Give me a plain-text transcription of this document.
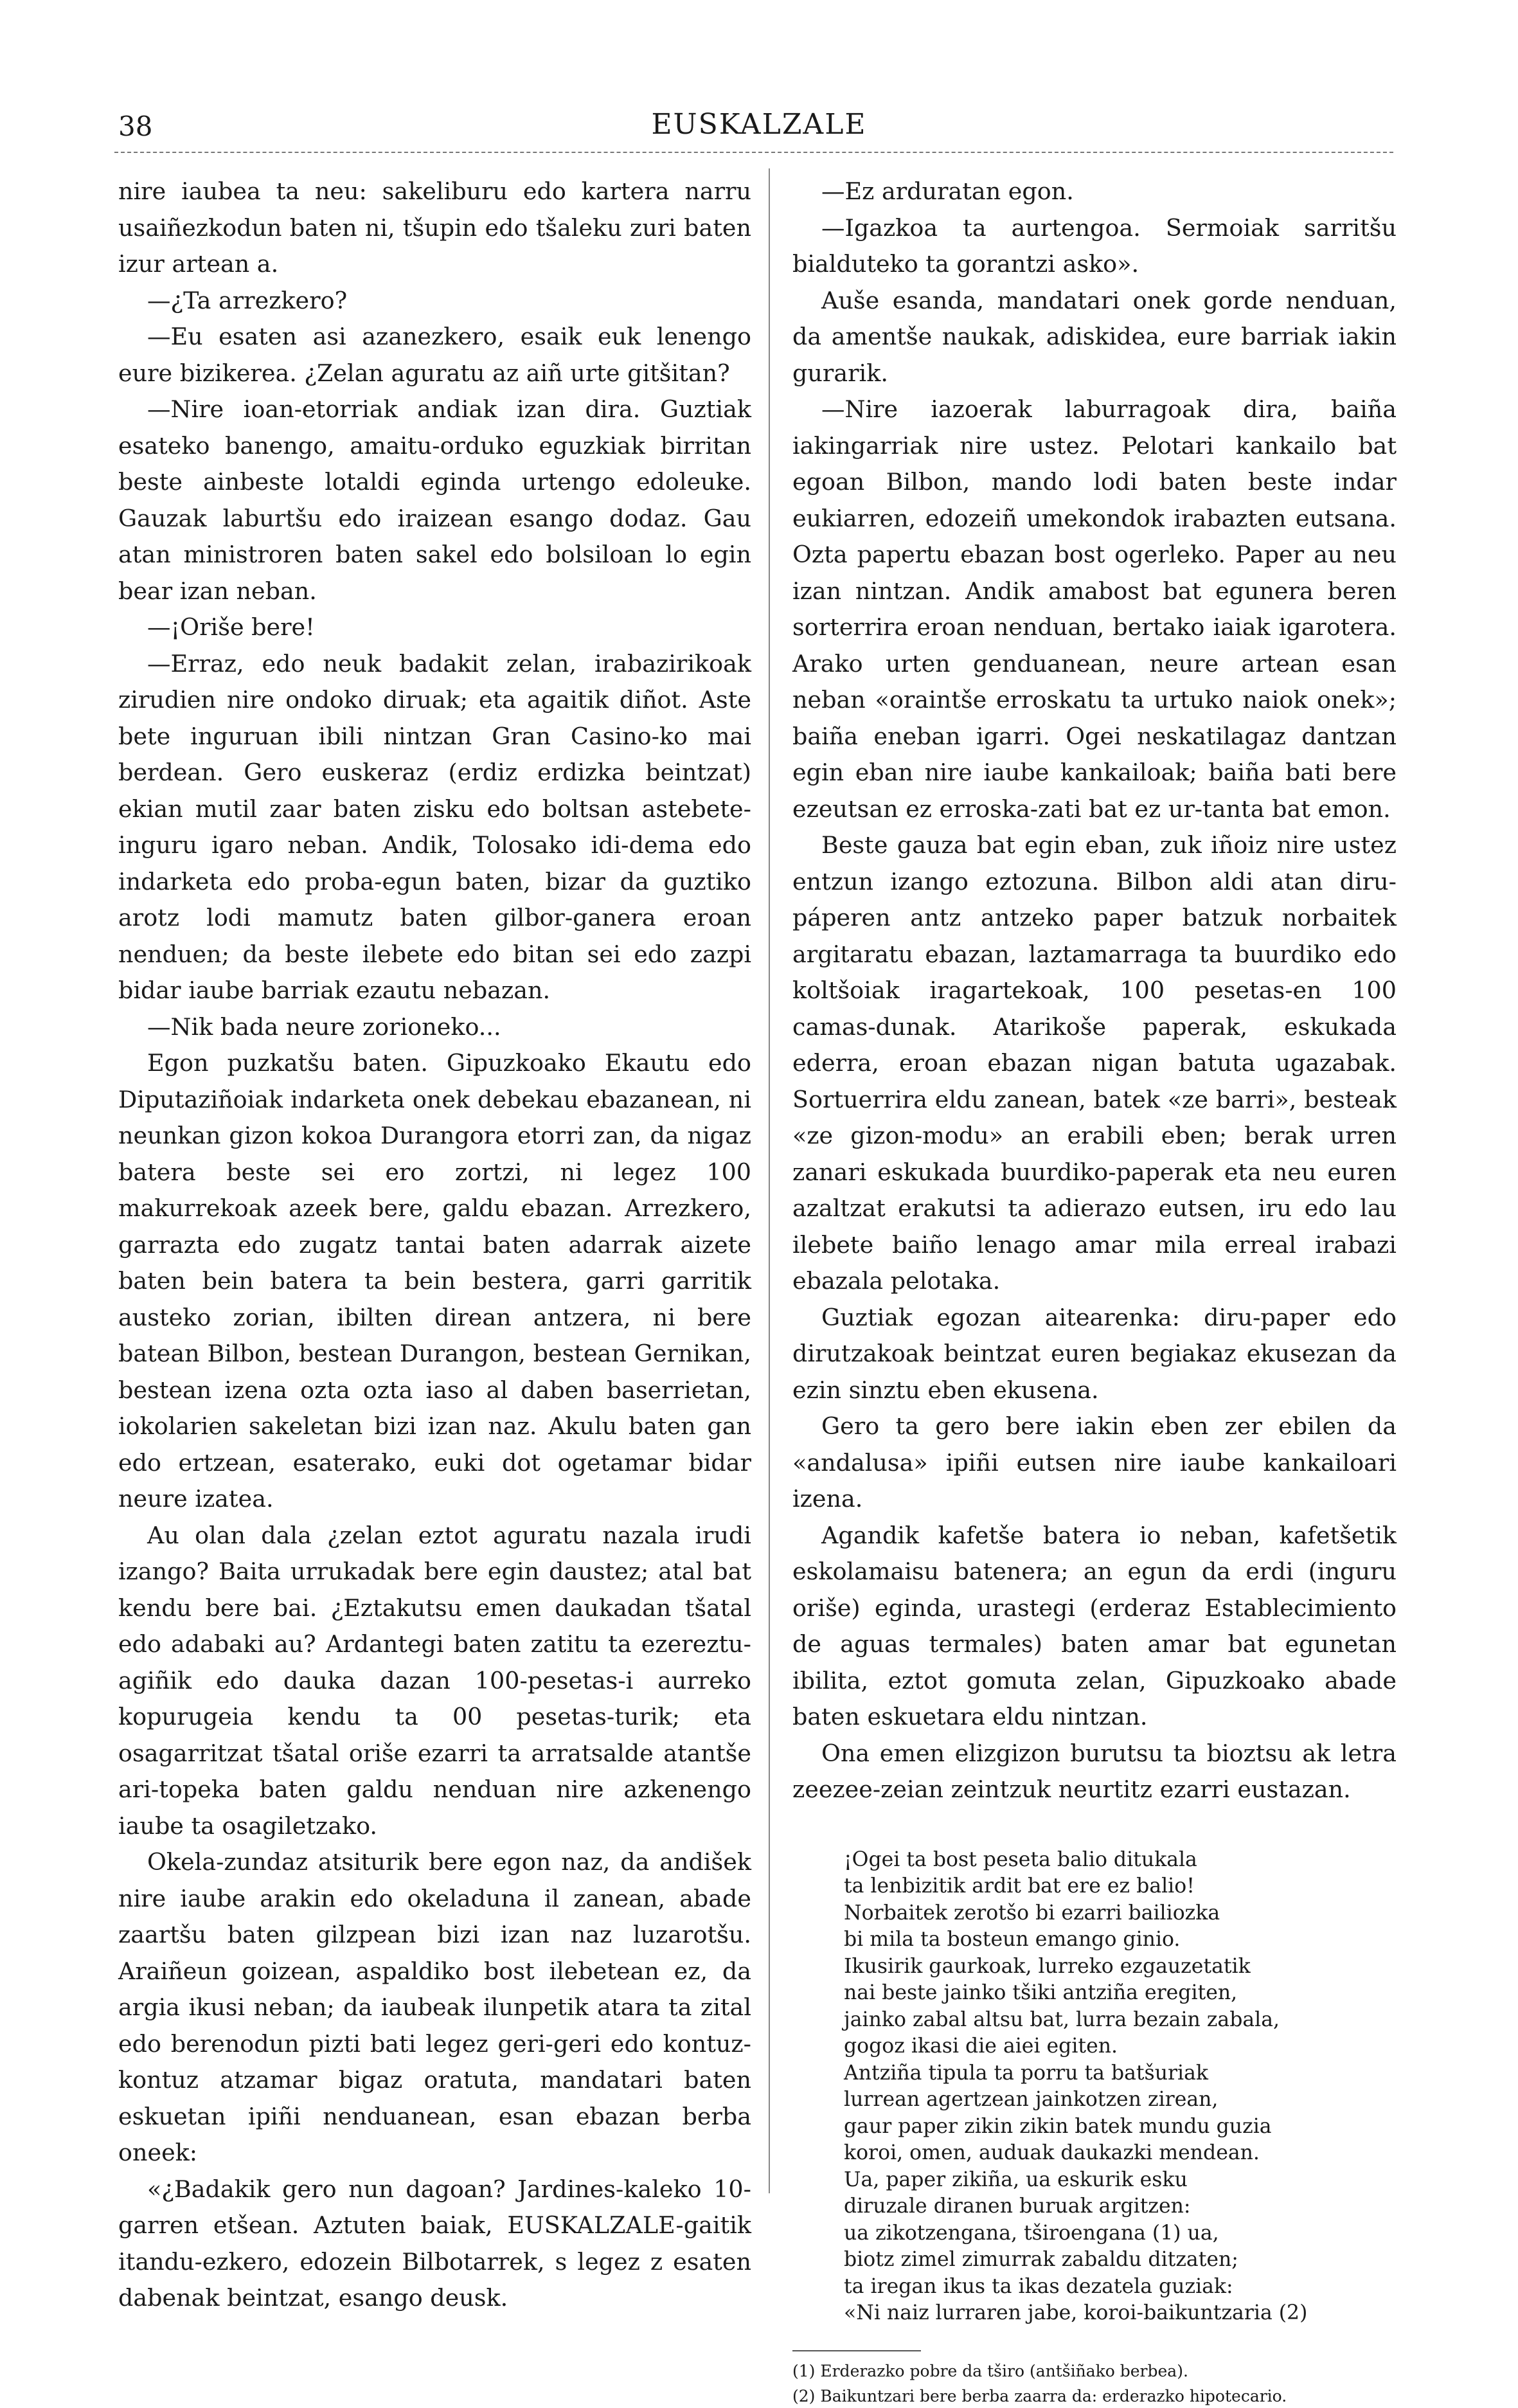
38	EUSKALZALE

nire iaubea ta neu: sakeliburu edo kartera narru usaiñezkodun baten ni, tšupin edo tšaleku zuri baten izur artean a.

—¿Ta arrezkero?

—Eu esaten asi azanezkero, esaik euk lenengo eure bizikerea. ¿Zelan aguratu az aiñ urte gitšitan?

—Nire ioan-etorriak andiak izan dira. Guztiak esateko banengo, amaitu-orduko eguzkiak birritan beste ainbeste lotaldi eginda urtengo edoleuke. Gauzak laburtšu edo iraizean esango dodaz. Gau atan ministroren baten sakel edo bolsiloan lo egin bear izan neban.

—¡Oriše bere!

—Erraz, edo neuk badakit zelan, irabazirikoak zirudien nire ondoko diruak; eta agaitik diñot. Aste bete inguruan ibili nintzan Gran Casino-ko mai berdean. Gero euskeraz (erdiz erdizka beintzat) ekian mutil zaar baten zisku edo boltsan astebete-inguru igaro neban. Andik, Tolosako idi-dema edo indarketa edo proba-egun baten, bizar da guztiko arotz lodi mamutz baten gilbor-ganera eroan nenduen; da beste ilebete edo bitan sei edo zazpi bidar iaube barriak ezautu nebazan.

—Nik bada neure zorioneko...

Egon puzkatšu baten. Gipuzkoako Ekautu edo Diputaziñoiak indarketa onek debekau ebazanean, ni neunkan gizon kokoa Durangora etorri zan, da nigaz batera beste sei ero zortzi, ni legez 100 makurrekoak azeek bere, galdu ebazan. Arrezkero, garrazta edo zugatz tantai baten adarrak aizete baten bein batera ta bein bestera, garri garritik austeko zorian, ibilten direan antzera, ni bere batean Bilbon, bestean Durangon, bestean Gernikan, bestean izena ozta ozta iaso al daben baserrietan, iokolarien sakeletan bizi izan naz. Akulu baten gan edo ertzean, esaterako, euki dot ogetamar bidar neure izatea.

Au olan dala ¿zelan eztot aguratu nazala irudi izango? Baita urrukadak bere egin daustez; atal bat kendu bere bai. ¿Eztakutsu emen daukadan tšatal edo adabaki au? Ardantegi baten zatitu ta ezereztu-agiñik edo dauka dazan 100-pesetas-i aurreko kopurugeia kendu ta 00 pesetas-turik; eta osagarritzat tšatal oriše ezarri ta arratsalde atantše ari-topeka baten galdu nenduan nire azkenengo iaube ta osagiletzako.

Okela-zundaz atsiturik bere egon naz, da andišek nire iaube arakin edo okeladuna il zanean, abade zaartšu baten gilzpean bizi izan naz luzarotšu. Araiñeun goizean, aspaldiko bost ilebetean ez, da argia ikusi neban; da iaubeak ilunpetik atara ta zital edo berenodun pizti bati legez geri-geri edo kontuz-kontuz atzamar bigaz oratuta, mandatari baten eskuetan ipiñi nenduanean, esan ebazan berba oneek:

«¿Badakik gero nun dagoan? Jardines-kaleko 10-garren etšean. Aztuten baiak, EUSKALZALE-gaitik itandu-ezkero, edozein Bilbotarrek, s legez z esaten dabenak beintzat, esango deusk.

—Ez arduratan egon.

—Igazkoa ta aurtengoa. Sermoiak sarritšu bialduteko ta gorantzi asko».

Auše esanda, mandatari onek gorde nenduan, da amentše naukak, adiskidea, eure barriak iakin gurarik.

—Nire iazoerak laburragoak dira, baiña iakingarriak nire ustez. Pelotari kankailo bat egoan Bilbon, mando lodi baten beste indar eukiarren, edozeiñ umekondok irabazten eutsana. Ozta papertu ebazan bost ogerleko. Paper au neu izan nintzan. Andik amabost bat egunera beren sorterrira eroan nenduan, bertako iaiak igarotera. Arako urten genduanean, neure artean esan neban «oraintše erroskatu ta urtuko naiok onek»; baiña eneban igarri. Ogei neskatilagaz dantzan egin eban nire iaube kankailoak; baiña bati bere ezeutsan ez erroska-zati bat ez ur-tanta bat emon.

Beste gauza bat egin eban, zuk iñoiz nire ustez entzun izango eztozuna. Bilbon aldi atan diru-páperen antz antzeko paper batzuk norbaitek argitaratu ebazan, laztamarraga ta buurdiko edo koltšoiak iragartekoak, 100 pesetas-en 100 camas-dunak. Atarikoše paperak, eskukada ederra, eroan ebazan nigan batuta ugazabak. Sortuerrira eldu zanean, batek «ze barri», besteak «ze gizon-modu» an erabili eben; berak urren zanari eskukada buurdiko-paperak eta neu euren azaltzat erakutsi ta adierazo eutsen, iru edo lau ilebete baiño lenago amar mila erreal irabazi ebazala pelotaka.

Guztiak egozan aitearenka: diru-paper edo dirutzakoak beintzat euren begiakaz ekusezan da ezin sinztu eben ekusena.

Gero ta gero bere iakin eben zer ebilen da «andalusa» ipiñi eutsen nire iaube kankailoari izena.

Agandik kafetše batera io neban, kafetšetik eskolamaisu batenera; an egun da erdi (inguru oriše) eginda, urastegi (erderaz Establecimiento de aguas termales) baten amar bat egunetan ibilita, eztot gomuta zelan, Gipuzkoako abade baten eskuetara eldu nintzan.

Ona emen elizgizon burutsu ta bioztsu ak letra zeezee-zeian zeintzuk neurtitz ezarri eustazan.

¡Ogei ta bost peseta balio ditukala
ta lenbizitik ardit bat ere ez balio!
Norbaitek zerotšo bi ezarri bailiozka
bi mila ta bosteun emango ginio.
Ikusirik gaurkoak, lurreko ezgauzetatik
nai beste jainko tšiki antziña eregiten,
jainko zabal altsu bat, lurra bezain zabala,
gogoz ikasi die aiei egiten.
Antziña tipula ta porru ta batšuriak
lurrean agertzean jainkotzen zirean,
gaur paper zikin zikin batek mundu guzia
koroi, omen, auduak daukazki mendean.
Ua, paper zikiña, ua eskurik esku
diruzale diranen buruak argitzen:
ua zikotzengana, tširoengana (1) ua,
biotz zimel zimurrak zabaldu ditzaten;
ta iregan ikus ta ikas dezatela guziak:
«Ni naiz lurraren jabe, koroi-baikuntzaria (2)
(1) Erderazko pobre da tširo (antšiñako berbea).
(2) Baikuntzari bere berba zaarra da: erderazko hipotecario.
